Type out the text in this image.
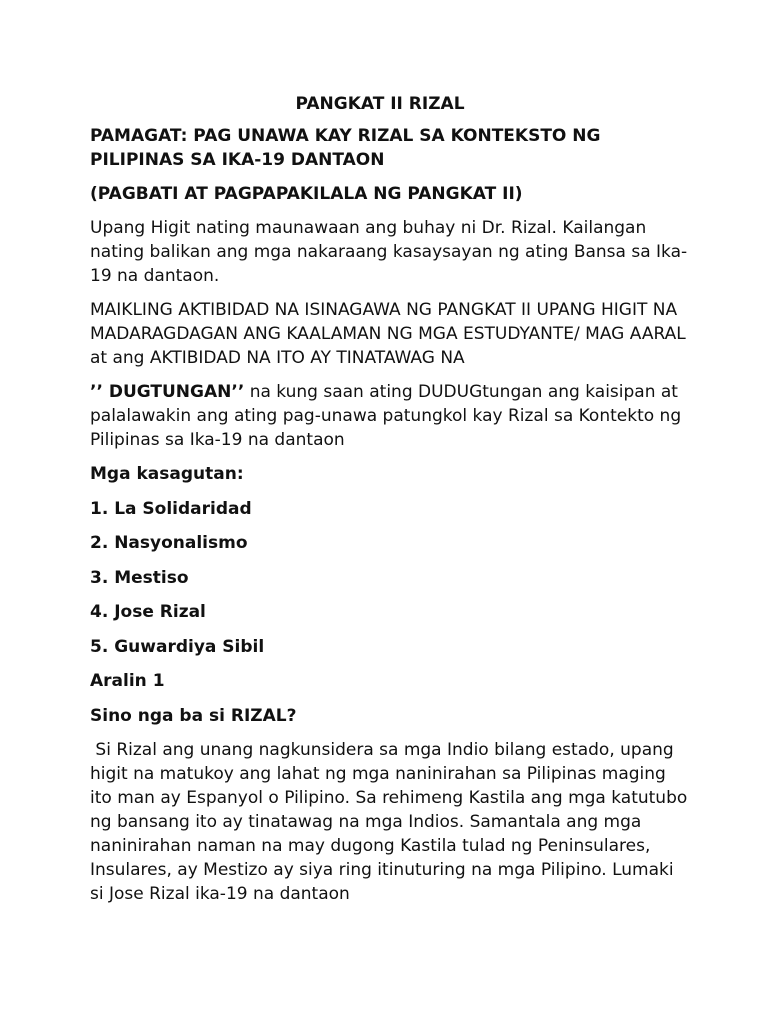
PANGKAT II RIZAL
PAMAGAT: PAG UNAWA KAY RIZAL SA KONTEKSTO NG PILIPINAS SA IKA-19 DANTAON
(PAGBATI AT PAGPAPAKILALA NG PANGKAT II)
Upang Higit nating maunawaan ang buhay ni Dr. Rizal. Kailangan nating balikan ang mga nakaraang kasaysayan ng ating Bansa sa Ika-19 na dantaon.
MAIKLING AKTIBIDAD NA ISINAGAWA NG PANGKAT II UPANG HIGIT NA MADARAGDAGAN ANG KAALAMAN NG MGA ESTUDYANTE/ MAG AARAL at ang AKTIBIDAD NA ITO AY TINATAWAG NA
’’ DUGTUNGAN’’ na kung saan ating DUDUGtungan ang kaisipan at palalawakin ang ating pag-unawa patungkol kay Rizal sa Kontekto ng Pilipinas sa Ika-19 na dantaon
Mga kasagutan:
1. La Solidaridad
2. Nasyonalismo
3. Mestiso
4. Jose Rizal
5. Guwardiya Sibil
Aralin 1
Sino nga ba si RIZAL?
Si Rizal ang unang nagkunsidera sa mga Indio bilang estado, upang higit na matukoy ang lahat ng mga naninirahan sa Pilipinas maging ito man ay Espanyol o Pilipino. Sa rehimeng Kastila ang mga katutubo ng bansang ito ay tinatawag na mga Indios. Samantala ang mga naninirahan naman na may dugong Kastila tulad ng Peninsulares, Insulares, ay Mestizo ay siya ring itinuturing na mga Pilipino. Lumaki si Jose Rizal ika-19 na dantaon
